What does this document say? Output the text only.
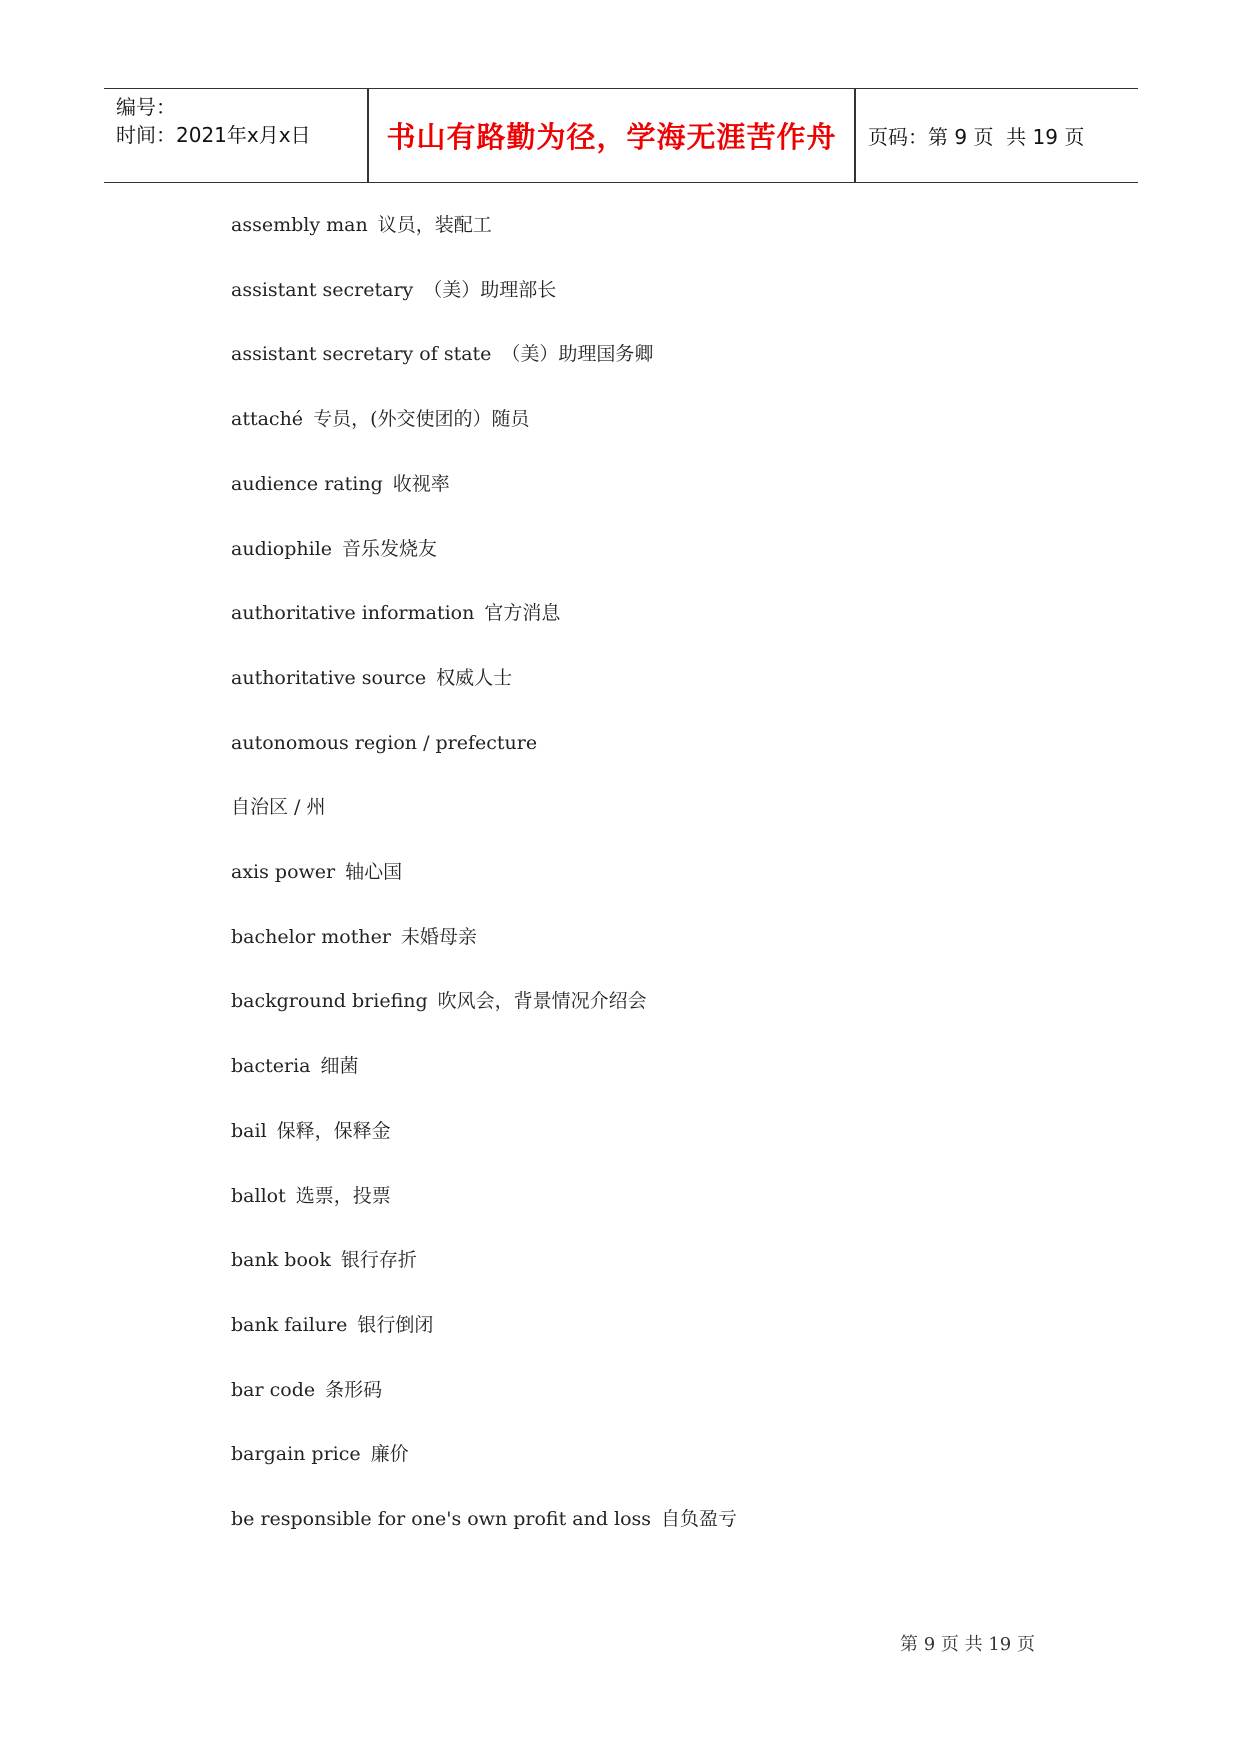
编号：
时间：2021年x月x日	书山有路勤为径，学海无涯苦作舟	页码：第 9 页  共 19 页
assembly man 议员，装配工
assistant secretary （美）助理部长
assistant secretary of state （美）助理国务卿
attaché 专员，(外交使团的）随员
audience rating 收视率
audiophile 音乐发烧友
authoritative information 官方消息
authoritative source 权威人士
autonomous region / prefecture
自治区 / 州
axis power 轴心国
bachelor mother 未婚母亲
background briefing 吹风会，背景情况介绍会
bacteria 细菌
bail 保释，保释金
ballot 选票，投票
bank book 银行存折
bank failure 银行倒闭
bar code 条形码
bargain price 廉价
be responsible for one's own profit and loss 自负盈亏
第 9 页 共 19 页
